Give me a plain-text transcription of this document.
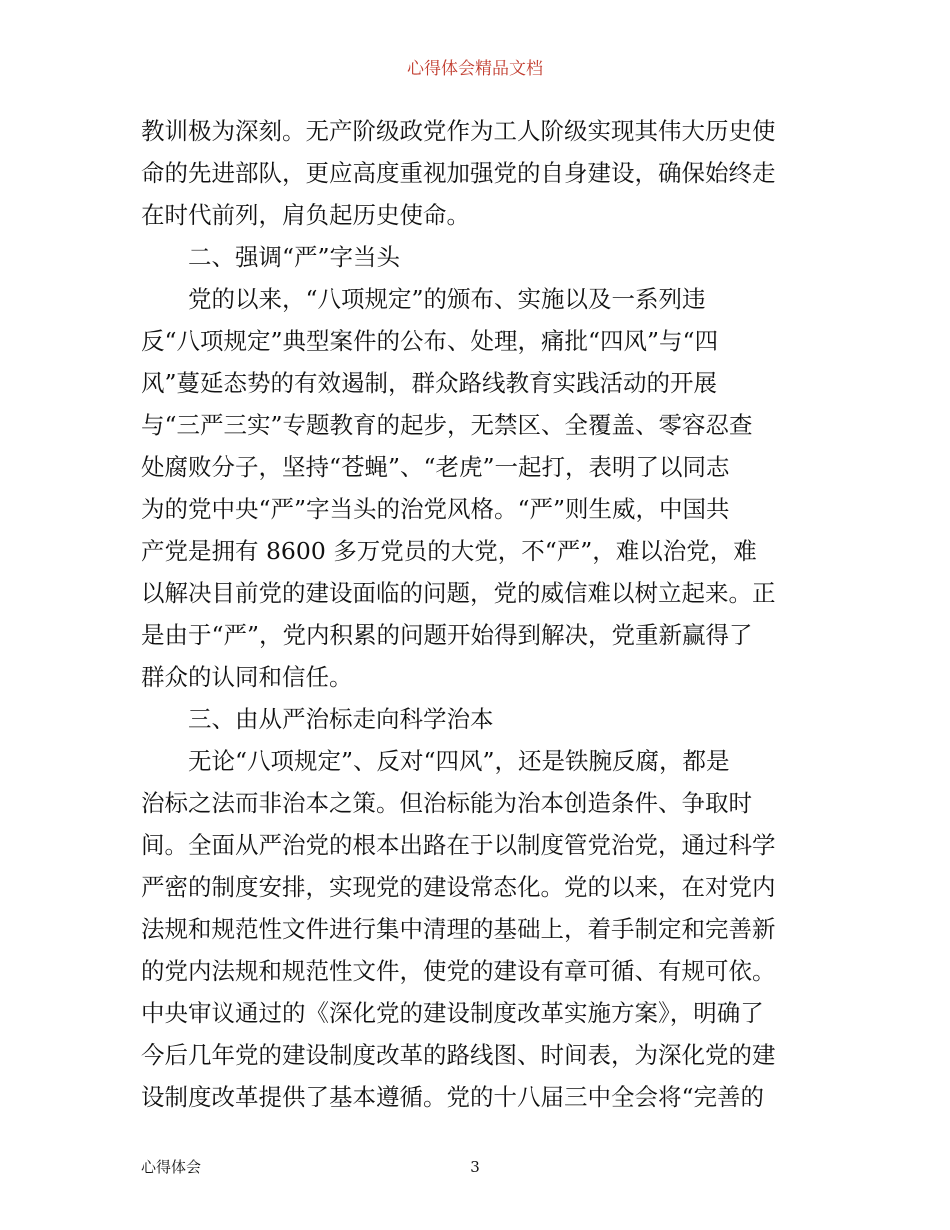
心得体会精品文档
教训极为深刻。无产阶级政党作为工人阶级实现其伟大历史使
命的先进部队，更应高度重视加强党的自身建设，确保始终走
在时代前列，肩负起历史使命。
二、强调“严”字当头
党的以来，“八项规定”的颁布、实施以及一系列违
反“八项规定”典型案件的公布、处理，痛批“四风”与“四
风”蔓延态势的有效遏制，群众路线教育实践活动的开展
与“三严三实”专题教育的起步，无禁区、全覆盖、零容忍查
处腐败分子，坚持“苍蝇”、“老虎”一起打，表明了以同志
为的党中央“严”字当头的治党风格。“严”则生威，中国共
产党是拥有 8600 多万党员的大党，不“严”，难以治党，难
以解决目前党的建设面临的问题，党的威信难以树立起来。正
是由于“严”，党内积累的问题开始得到解决，党重新赢得了
群众的认同和信任。
三、由从严治标走向科学治本
无论“八项规定”、反对“四风”，还是铁腕反腐，都是
治标之法而非治本之策。但治标能为治本创造条件、争取时
间。全面从严治党的根本出路在于以制度管党治党，通过科学
严密的制度安排，实现党的建设常态化。党的以来，在对党内
法规和规范性文件进行集中清理的基础上，着手制定和完善新
的党内法规和规范性文件，使党的建设有章可循、有规可依。
中央审议通过的《深化党的建设制度改革实施方案》，明确了
今后几年党的建设制度改革的路线图、时间表，为深化党的建
设制度改革提供了基本遵循。党的十八届三中全会将“完善的
心得体会	3
